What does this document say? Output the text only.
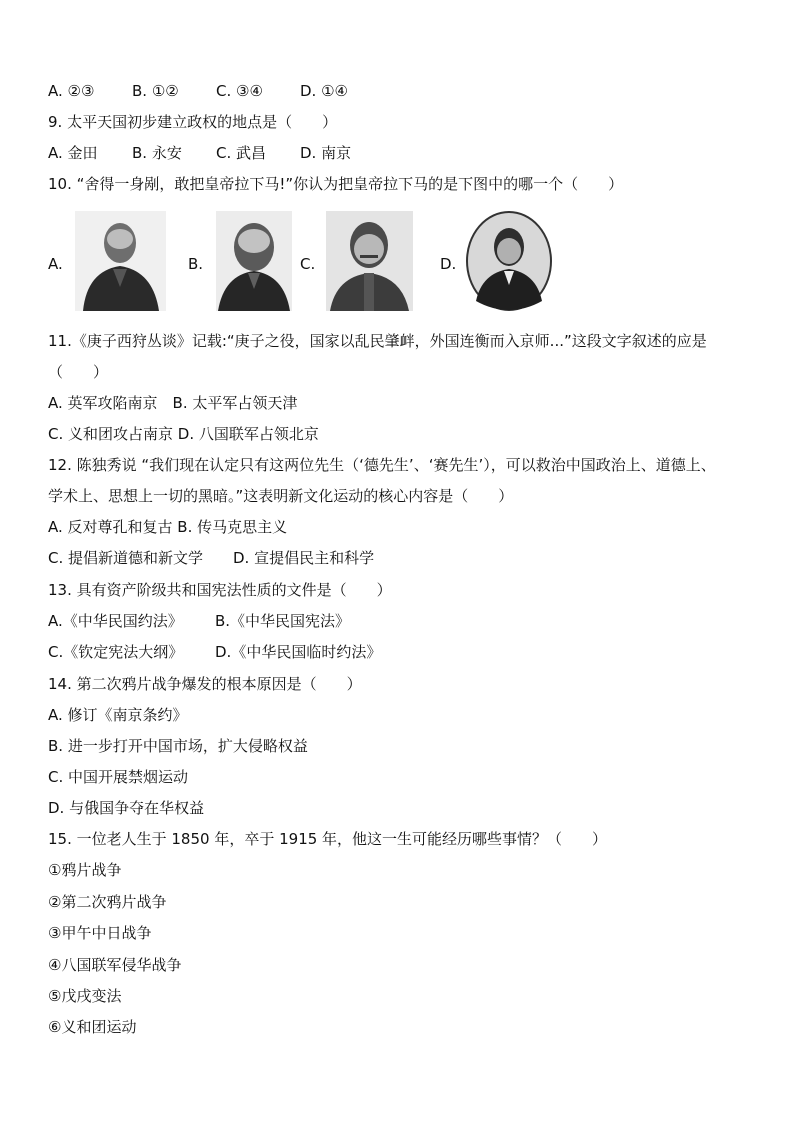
A. ②③	B. ①② C. ③④ D. ①④
9. 太平天国初步建立政权的地点是（　　）
A. 金田 B. 永安 C. 武昌 D. 南京
10. “舍得一身剐，敢把皇帝拉下马!”你认为把皇帝拉下马的是下图中的哪一个（　　）
A.	B.	C.	D.
11.《庚子西狩丛谈》记载:“庚子之役，国家以乱民肇衅，外国连衡而入京师...”这段文字叙述的应是
（　　）
A. 英军攻陷南京　B. 太平军占领天津
C. 义和团攻占南京 D. 八国联军占领北京
12. 陈独秀说 “我们现在认定只有这两位先生（‘德先生’、‘赛先生’），可以救治中国政治上、道德上、
学术上、思想上一切的黑暗。”这表明新文化运动的核心内容是（　　）
A. 反对尊孔和复古 B. 传马克思主义
C. 提倡新道德和新文学　　D. 宣提倡民主和科学
13. 具有资产阶级共和国宪法性质的文件是（　　）
A.《中华民国约法》 B.《中华民国宪法》
C.《钦定宪法大纲》 D.《中华民国临时约法》
14. 第二次鸦片战争爆发的根本原因是（　　）
A. 修订《南京条约》
B. 进一步打开中国市场，扩大侵略权益
C. 中国开展禁烟运动
D. 与俄国争夺在华权益
15. 一位老人生于 1850 年，卒于 1915 年，他这一生可能经历哪些事情？（　　）
①鸦片战争
②第二次鸦片战争
③甲午中日战争
④八国联军侵华战争
⑤戊戌变法
⑥义和团运动
